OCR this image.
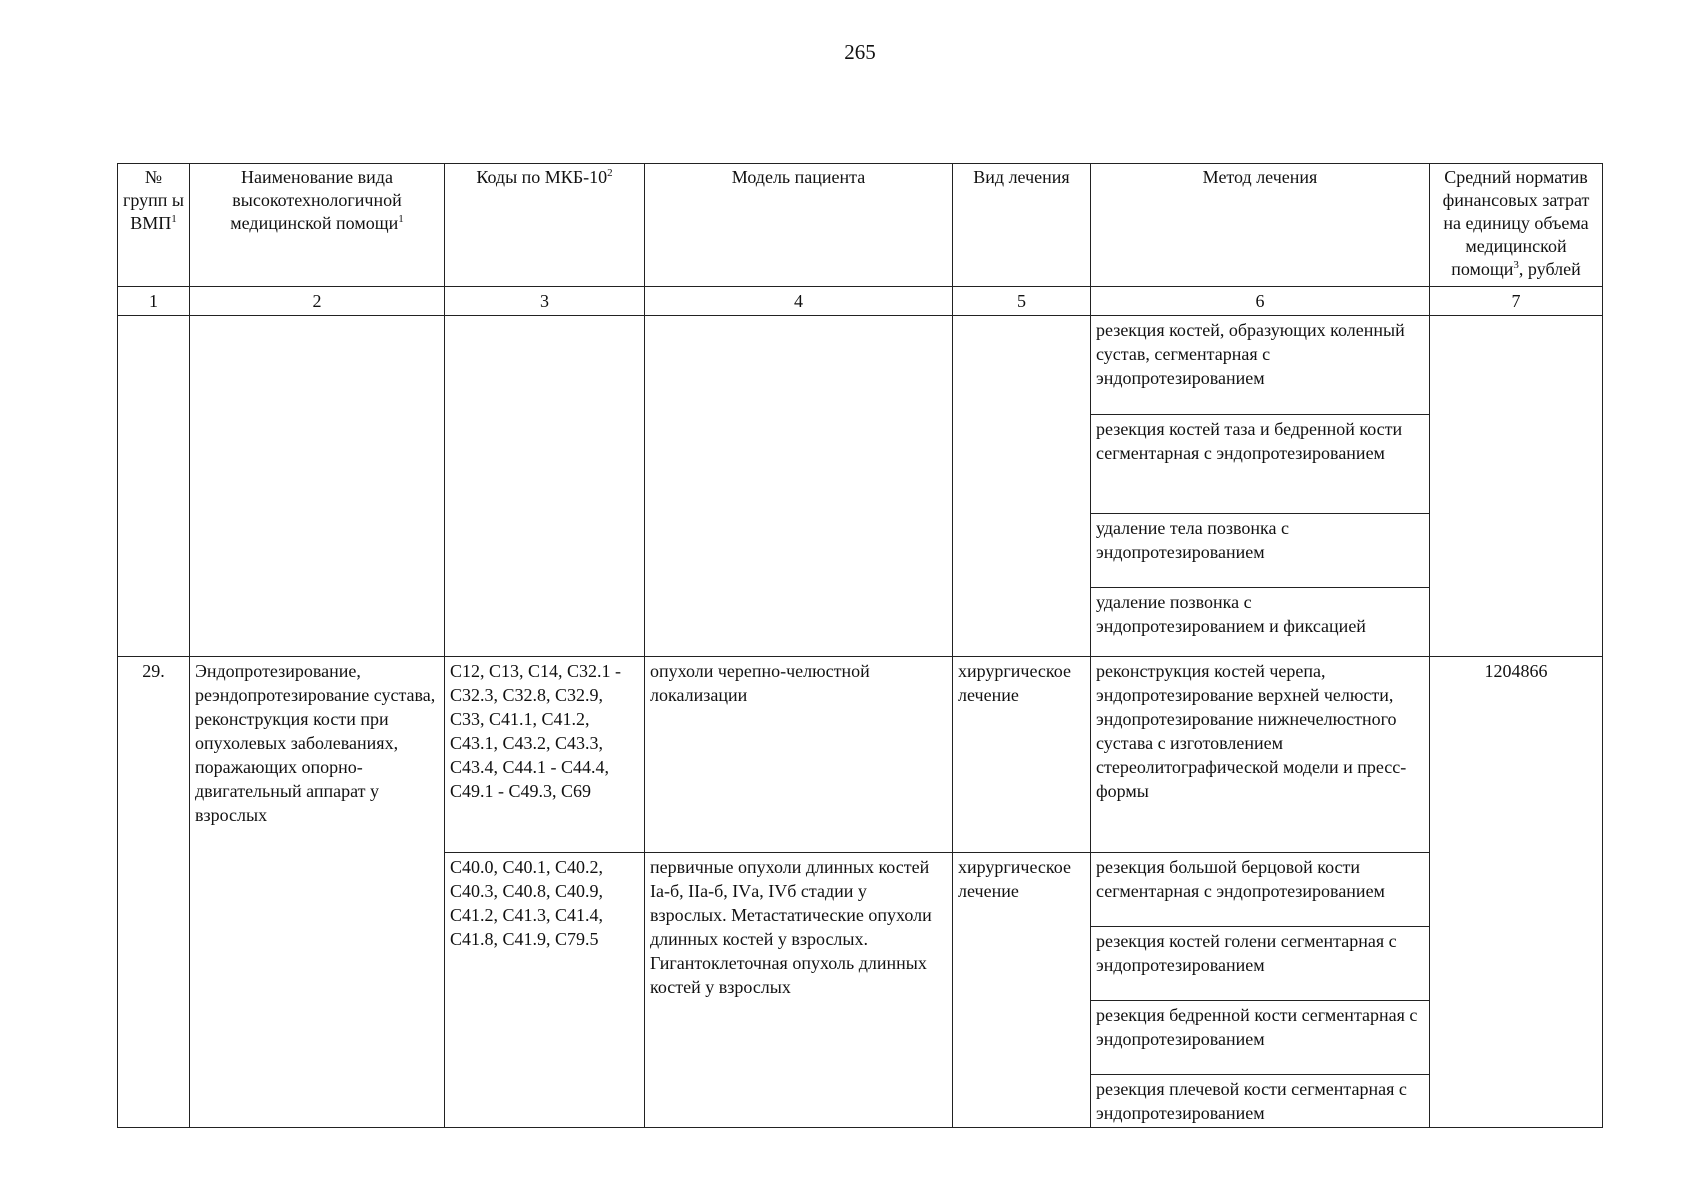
265
№ групп ы ВМП$^1$	Наименование вида высокотехнологичной медицинской помощи$^1$	Коды по МКБ-$10^2$	Модель пациента	Вид лечения	Метод лечения	Средний норматив финансовых затрат на единицу объема медицинской помощи$^3$, рублей
1	2	3	4	5	6	7
					резекция костей, образующих коленный сустав, сегментарная с эндопротезированием	
					резекция костей таза и бедренной кости сегментарная с эндопротезированием	
					удаление тела позвонка с эндопротезированием	
					удаление позвонка с эндопротезированием и фиксацией	
29.	Эндопротезирование, реэндопротезирование сустава, реконструкция кости при опухолевых заболеваниях, поражающих опорно-двигательный аппарат у взрослых	C12, C13, C14, C32.1 - C32.3, C32.8, C32.9, C33, C41.1, C41.2, C43.1, C43.2, C43.3, C43.4, C44.1 - C44.4, C49.1 - C49.3, C69	опухоли черепно-челюстной локализации	хирургическое лечение	реконструкция костей черепа, эндопротезирование верхней челюсти, эндопротезирование нижнечелюстного сустава с изготовлением стереолитографической модели и пресс-формы	1204866
		C40.0, C40.1, C40.2, C40.3, C40.8, C40.9, C41.2, C41.3, C41.4, C41.8, C41.9, C79.5	первичные опухоли длинных костей Iа-б, IIа-б, IVа, IVб стадии у взрослых. Метастатические опухоли длинных костей у взрослых. Гигантоклеточная опухоль длинных костей у взрослых	хирургическое лечение	резекция большой берцовой кости сегментарная с эндопротезированием	
					резекция костей голени сегментарная с эндопротезированием	
					резекция бедренной кости сегментарная с эндопротезированием	
					резекция плечевой кости сегментарная с эндопротезированием	
